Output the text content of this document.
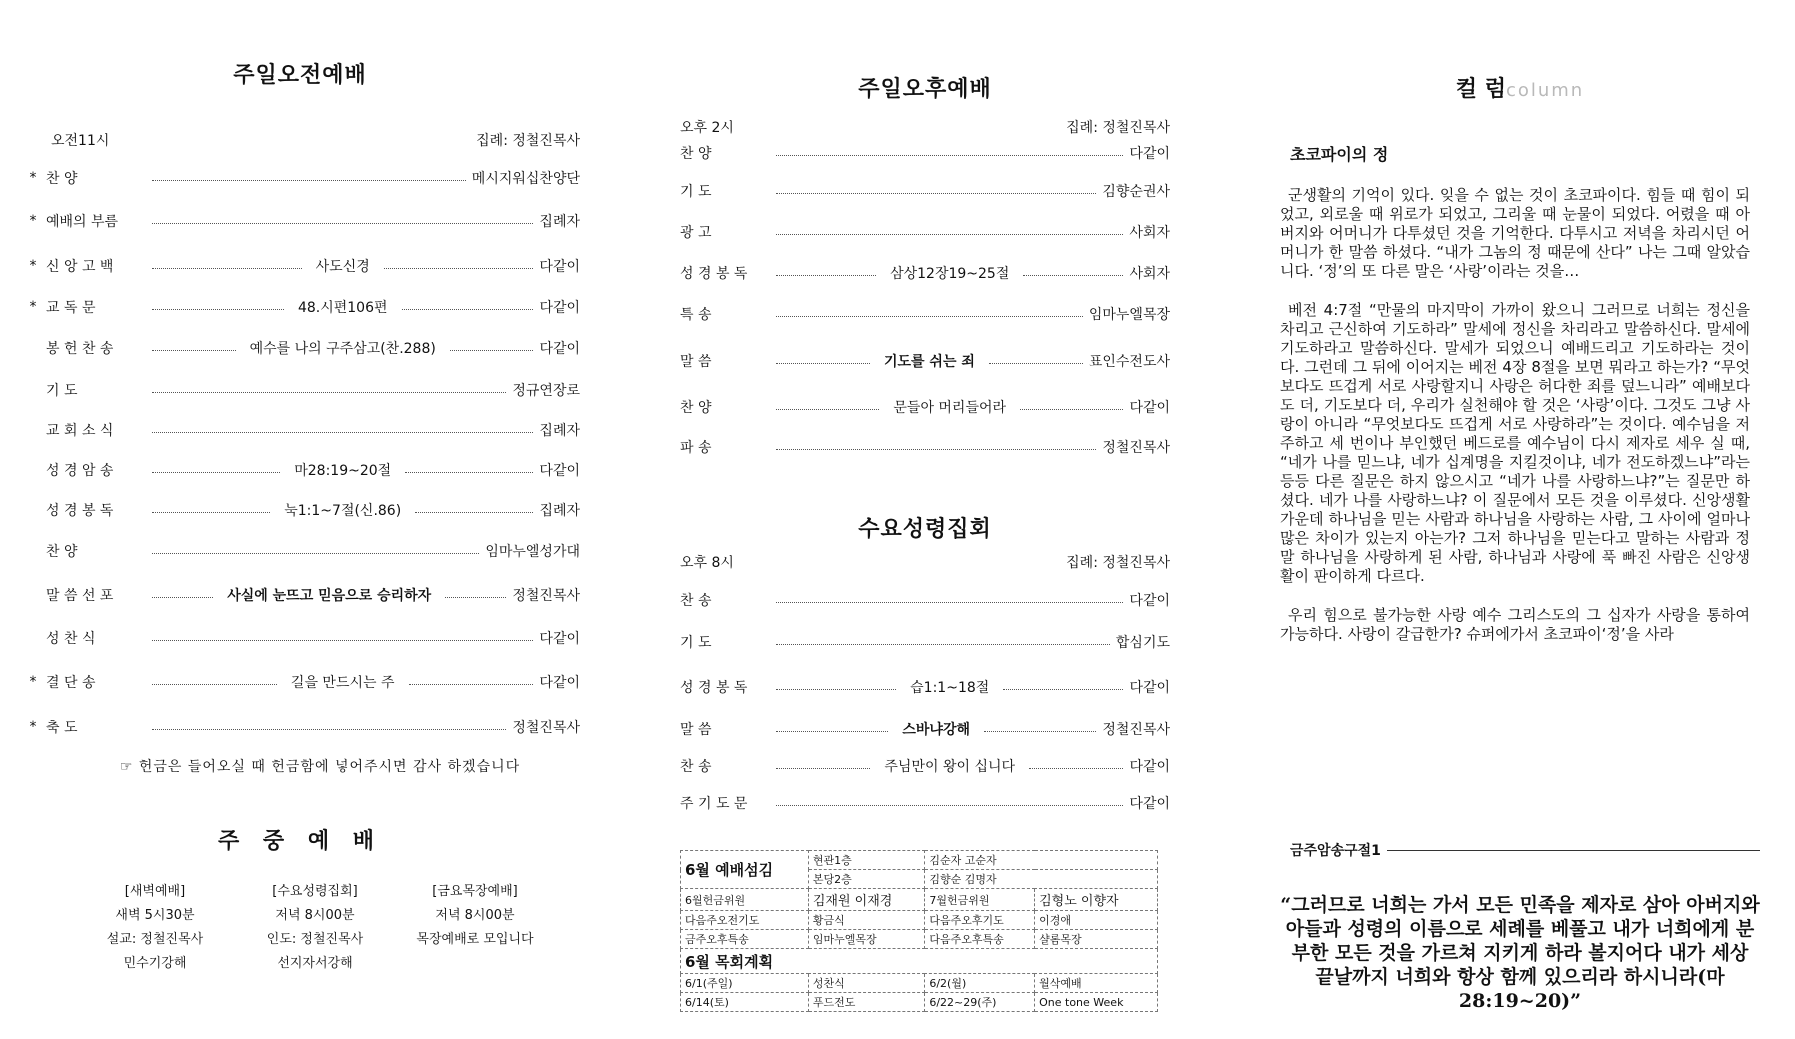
주일오전예배
오전11시	집례: 정철진목사
* 찬 양	메시지워십찬양단
* 예배의 부름	집례자
* 신 앙 고 백	사도신경	다같이
* 교 독 문	48.시편106편	다같이
봉 헌 찬 송	예수를 나의 구주삼고(찬.288)	다같이
기 도	정규연장로
교 회 소 식	집례자
성 경 암 송	마28:19~20절	다같이
성 경 봉 독	눅1:1~7절(신.86)	집례자
찬 양	임마누엘성가대
말 씀 선 포	사실에 눈뜨고 믿음으로 승리하자	정철진목사
성 찬 식	다같이
* 결 단 송	길을 만드시는 주	다같이
* 축 도	정철진목사
☞ 헌금은 들어오실 때 헌금함에 넣어주시면 감사 하겠습니다
주 중 예 배
[새벽예배]
새벽 5시30분
설교: 정철진목사
민수기강해
[수요성령집회]
저녁 8시00분
인도: 정철진목사
선지자서강해
[금요목장예배]
저녁 8시00분
목장예배로 모입니다
주일오후예배
오후 2시	집례: 정철진목사
찬 양	다같이
기 도	김향순권사
광 고	사회자
성 경 봉 독	삼상12장19~25절	사회자
특 송	임마누엘목장
말 씀	기도를 쉬는 죄	표인수전도사
찬 양	문들아 머리들어라	다같이
파 송	정철진목사
수요성령집회
오후 8시	집례: 정철진목사
찬 송	다같이
기 도	합심기도
성 경 봉 독	습1:1~18절	다같이
말 씀	스바냐강해	정철진목사
찬 송	주님만이 왕이 십니다	다같이
주 기 도 문	다같이
6월 예배섬김	현관1층	김순자 고순자	
	본당2층	김향순 김명자	
6월헌금위원	김재원 이재경	7월헌금위원	김형노 이향자
다음주오전기도	황금식	다음주오후기도	이경애
금주오후특송	임마누엘목장	다음주오후특송	샬롬목장
6월 목회계획			
6/1(주일)	성찬식	6/2(월)	월삭예배
6/14(토)	푸드전도	6/22~29(주)	One tone Week
컬 럼column
초코파이의 정

군생활의 기억이 있다. 잊을 수 없는 것이 초코파이다. 힘들 때 힘이 되었고, 외로울 때 위로가 되었고, 그리울 때 눈물이 되었다. 어렸을 때 아버지와 어머니가 다투셨던 것을 기억한다. 다투시고 저녁을 차리시던 어머니가 한 말씀 하셨다. “내가 그놈의 정 때문에 산다” 나는 그때 알았습니다. ‘정’의 또 다른 말은 ‘사랑’이라는 것을…

베전 4:7절 “만물의 마지막이 가까이 왔으니 그러므로 너희는 정신을 차리고 근신하여 기도하라” 말세에 정신을 차리라고 말씀하신다. 말세에 기도하라고 말씀하신다. 말세가 되었으니 예배드리고 기도하라는 것이다. 그런데 그 뒤에 이어지는 베전 4장 8절을 보면 뭐라고 하는가? “무엇보다도 뜨겁게 서로 사랑할지니 사랑은 허다한 죄를 덮느니라” 예배보다도 더, 기도보다 더, 우리가 실천해야 할 것은 ‘사랑’이다. 그것도 그냥 사랑이 아니라 “무엇보다도 뜨겁게 서로 사랑하라”는 것이다. 예수님을 저주하고 세 번이나 부인했던 베드로를 예수님이 다시 제자로 세우 실 때, “네가 나를 믿느냐, 네가 십계명을 지킬것이냐, 네가 전도하겠느냐”라는등등 다른 질문은 하지 않으시고 “네가 나를 사랑하느냐?”는 질문만 하셨다. 네가 나를 사랑하느냐? 이 질문에서 모든 것을 이루셨다. 신앙생활 가운데 하나님을 믿는 사람과 하나님을 사랑하는 사람, 그 사이에 얼마나 많은 차이가 있는지 아는가? 그저 하나님을 믿는다고 말하는 사람과 정말 하나님을 사랑하게 된 사람, 하나님과 사랑에 푹 빠진 사람은 신앙생활이 판이하게 다르다.

우리 힘으로 불가능한 사랑 예수 그리스도의 그 십자가 사랑을 통하여 가능하다. 사랑이 갈급한가? 슈퍼에가서 초코파이‘정’을 사라

금주암송구절1
“그러므로 너희는 가서 모든 민족을 제자로 삼아 아버지와 아들과 성령의 이름으로 세례를 베풀고 내가 너희에게 분부한 모든 것을 가르쳐 지키게 하라 볼지어다 내가 세상 끝날까지 너희와 항상 함께 있으리라 하시니라(마28:19~20)”
